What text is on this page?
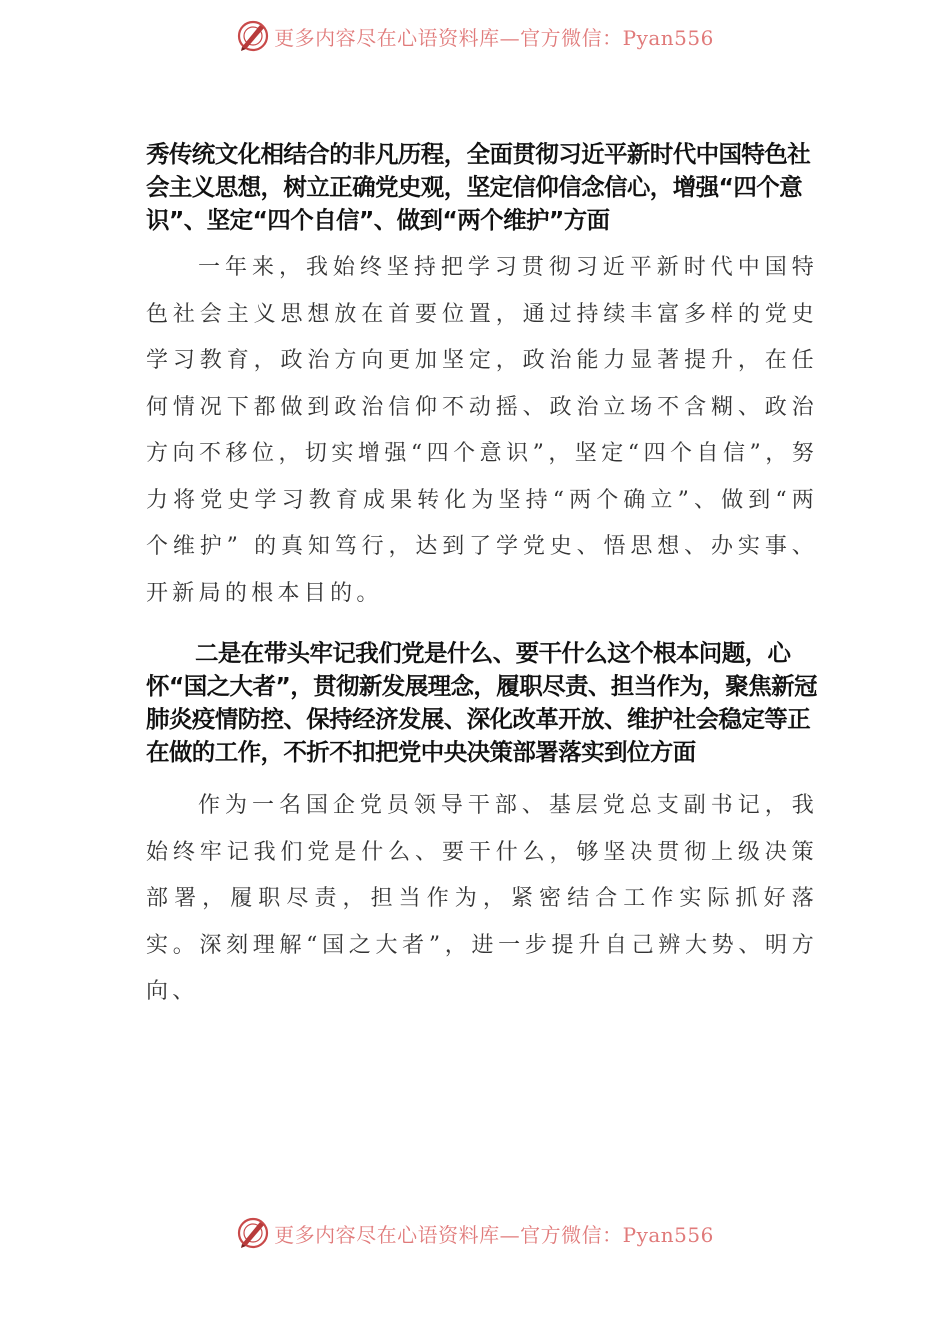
更多内容尽在心语资料库—官方微信：Pyan556

秀传统文化相结合的非凡历程，全面贯彻习近平新时代中国特色社会主义思想，树立正确党史观，坚定信仰信念信心，增强“四个意识”、坚定“四个自信”、做到“两个维护”方面

一年来，我始终坚持把学习贯彻习近平新时代中国特色社会主义思想放在首要位置，通过持续丰富多样的党史学习教育，政治方向更加坚定，政治能力显著提升，在任何情况下都做到政治信仰不动摇、政治立场不含糊、政治方向不移位，切实增强“四个意识”，坚定“四个自信”，努力将党史学习教育成果转化为坚持“两个确立”、做到“两个维护” 的真知笃行，达到了学党史、悟思想、办实事、开新局的根本目的。

二是在带头牢记我们党是什么、要干什么这个根本问题，心怀“国之大者”，贯彻新发展理念，履职尽责、担当作为，聚焦新冠肺炎疫情防控、保持经济发展、深化改革开放、维护社会稳定等正在做的工作，不折不扣把党中央决策部署落实到位方面

作为一名国企党员领导干部、基层党总支副书记，我始终牢记我们党是什么、要干什么，够坚决贯彻上级决策部署，履职尽责，担当作为，紧密结合工作实际抓好落实。深刻理解“国之大者”，进一步提升自己辨大势、明方向、

更多内容尽在心语资料库—官方微信：Pyan556
